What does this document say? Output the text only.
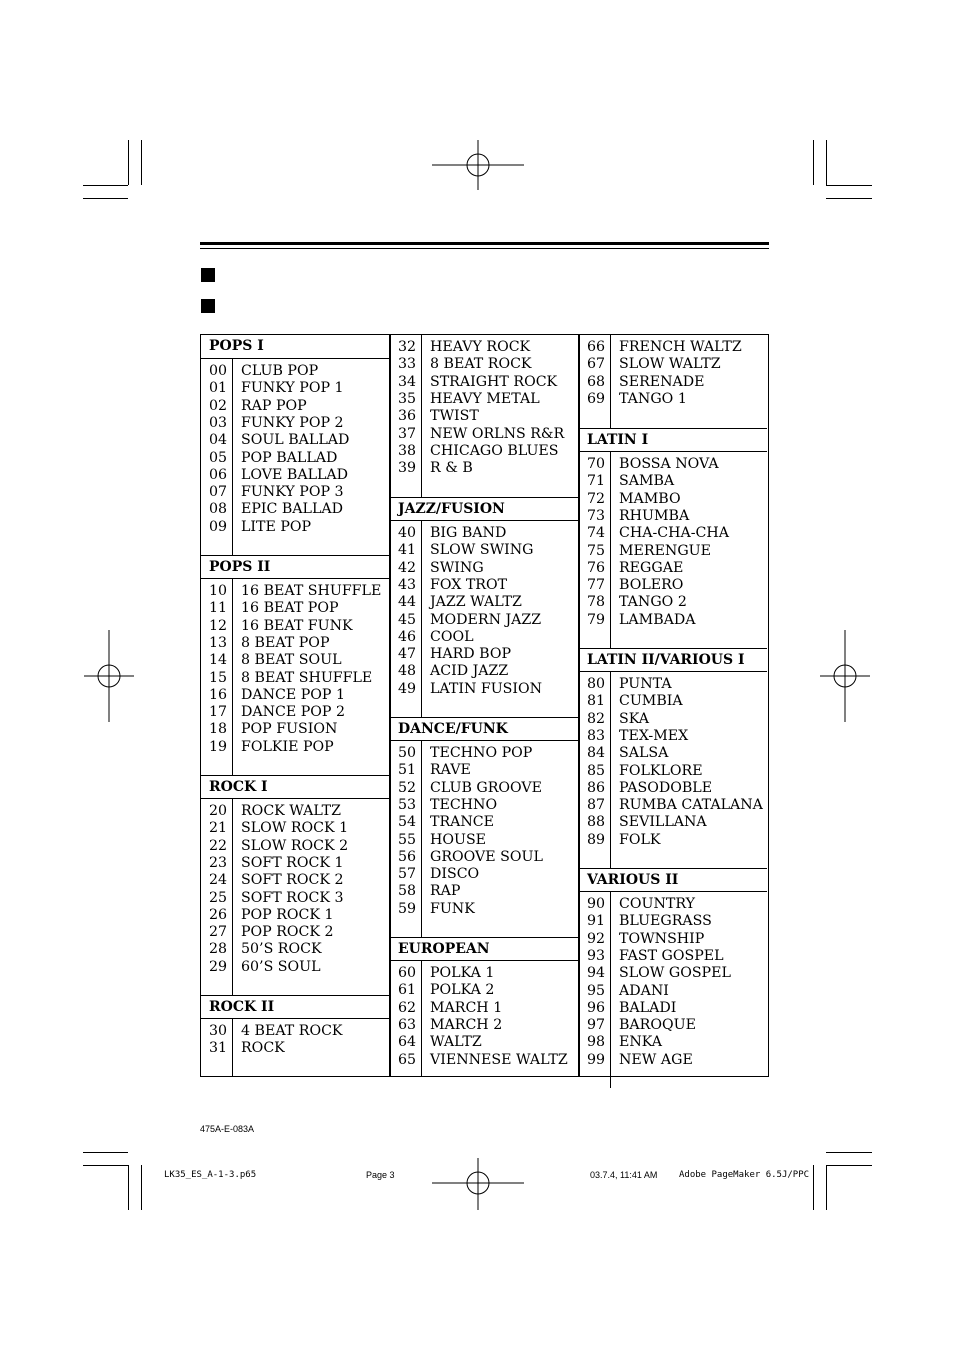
POPS I
00 CLUB POP
01 FUNKY POP 1
02 RAP POP
03 FUNKY POP 2
04 SOUL BALLAD
05 POP BALLAD
06 LOVE BALLAD
07 FUNKY POP 3
08 EPIC BALLAD
09 LITE POP
POPS II
10 16 BEAT SHUFFLE
11 16 BEAT POP
12 16 BEAT FUNK
13 8 BEAT POP
14 8 BEAT SOUL
15 8 BEAT SHUFFLE
16 DANCE POP 1
17 DANCE POP 2
18 POP FUSION
19 FOLKIE POP
ROCK I
20 ROCK WALTZ
21 SLOW ROCK 1
22 SLOW ROCK 2
23 SOFT ROCK 1
24 SOFT ROCK 2
25 SOFT ROCK 3
26 POP ROCK 1
27 POP ROCK 2
28 50’S ROCK
29 60’S SOUL
ROCK II
30 4 BEAT ROCK
31 ROCK
32 HEAVY ROCK
33 8 BEAT ROCK
34 STRAIGHT ROCK
35 HEAVY METAL
36 TWIST
37 NEW ORLNS R&R
38 CHICAGO BLUES
39 R & B
JAZZ/FUSION
40 BIG BAND
41 SLOW SWING
42 SWING
43 FOX TROT
44 JAZZ WALTZ
45 MODERN JAZZ
46 COOL
47 HARD BOP
48 ACID JAZZ
49 LATIN FUSION
DANCE/FUNK
50 TECHNO POP
51 RAVE
52 CLUB GROOVE
53 TECHNO
54 TRANCE
55 HOUSE
56 GROOVE SOUL
57 DISCO
58 RAP
59 FUNK
EUROPEAN
60 POLKA 1
61 POLKA 2
62 MARCH 1
63 MARCH 2
64 WALTZ
65 VIENNESE WALTZ
66 FRENCH WALTZ
67 SLOW WALTZ
68 SERENADE
69 TANGO 1
LATIN I
70 BOSSA NOVA
71 SAMBA
72 MAMBO
73 RHUMBA
74 CHA-CHA-CHA
75 MERENGUE
76 REGGAE
77 BOLERO
78 TANGO 2
79 LAMBADA
LATIN II/VARIOUS I
80 PUNTA
81 CUMBIA
82 SKA
83 TEX-MEX
84 SALSA
85 FOLKLORE
86 PASODOBLE
87 RUMBA CATALANA
88 SEVILLANA
89 FOLK
VARIOUS II
90 COUNTRY
91 BLUEGRASS
92 TOWNSHIP
93 FAST GOSPEL
94 SLOW GOSPEL
95 ADANI
96 BALADI
97 BAROQUE
98 ENKA
99 NEW AGE
475A-E-083A
LK35_ES_A-1-3.p65	Page 3	03.7.4, 11:41 AM Adobe PageMaker 6.5J/PPC
